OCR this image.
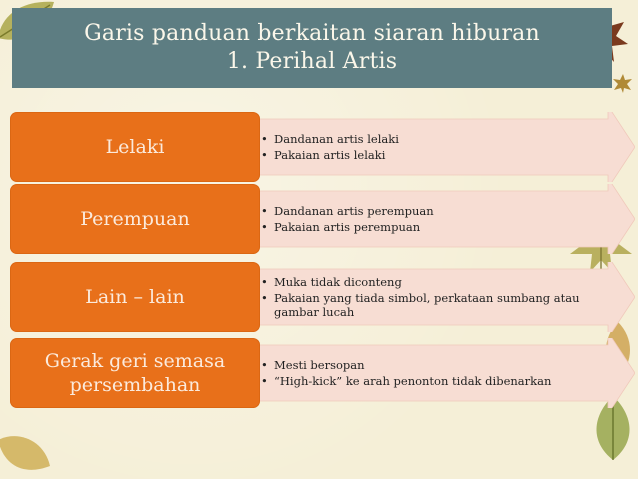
Garis panduan berkaitan siaran hiburan
1. Perihal Artis
Lelaki	• Dandanan artis lelaki
• Pakaian artis lelaki
Perempuan	• Dandanan artis perempuan
• Pakaian artis perempuan
Lain – lain
• Muka tidak diconteng
• Pakaian yang tiada simbol, perkataan sumbang atau gambar lucah
Gerak geri semasa persembahan
• Mesti bersopan
• “High-kick” ke arah penonton tidak dibenarkan
